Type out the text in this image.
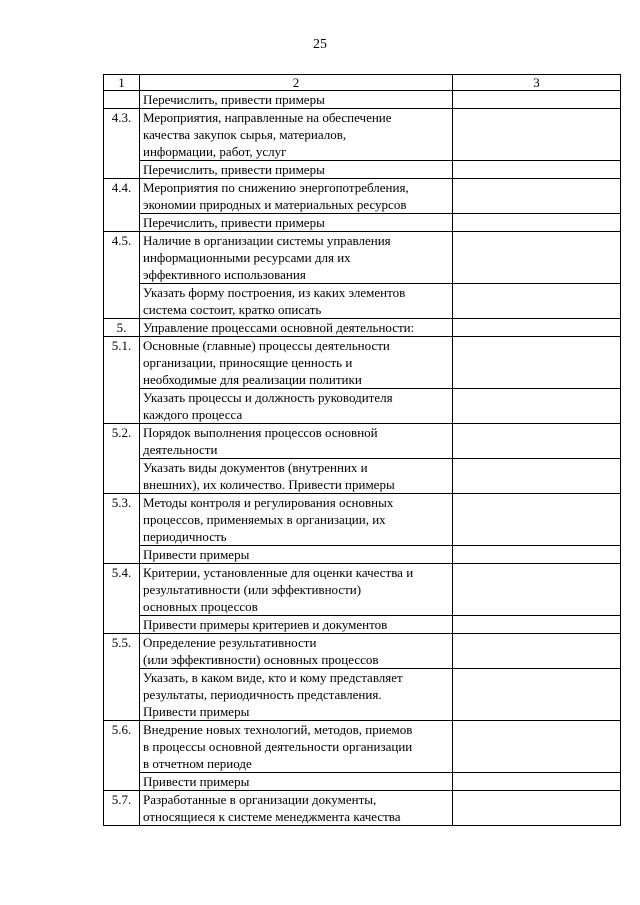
25
1	2	3
	Перечислить, привести примеры	
4.3.	Мероприятия, направленные на обеспечение
качества закупок сырья, материалов,
информации, работ, услуг	
	Перечислить, привести примеры	
4.4.	Мероприятия по снижению энергопотребления,
экономии природных и материальных ресурсов	
	Перечислить, привести примеры	
4.5.	Наличие в организации системы управления
информационными ресурсами для их
эффективного использования	
	Указать форму построения, из каких элементов
система состоит, кратко описать	
5.	Управление процессами основной деятельности:	
5.1.	Основные (главные) процессы деятельности
организации, приносящие ценность и
необходимые для реализации политики	
	Указать процессы и должность руководителя
каждого процесса	
5.2.	Порядок выполнения процессов основной
деятельности	
	Указать виды документов (внутренних и
внешних), их количество. Привести примеры	
5.3.	Методы контроля и регулирования основных
процессов, применяемых в организации, их
периодичность	
	Привести примеры	
5.4.	Критерии, установленные для оценки качества и
результативности (или эффективности)
основных процессов	
	Привести примеры критериев и документов	
5.5.	Определение результативности
(или эффективности) основных процессов	
	Указать, в каком виде, кто и кому представляет
результаты, периодичность представления.
Привести примеры	
5.6.	Внедрение новых технологий, методов, приемов
в процессы основной деятельности организации
в отчетном периоде	
	Привести примеры	
5.7.	Разработанные в организации документы,
относящиеся к системе менеджмента качества	
